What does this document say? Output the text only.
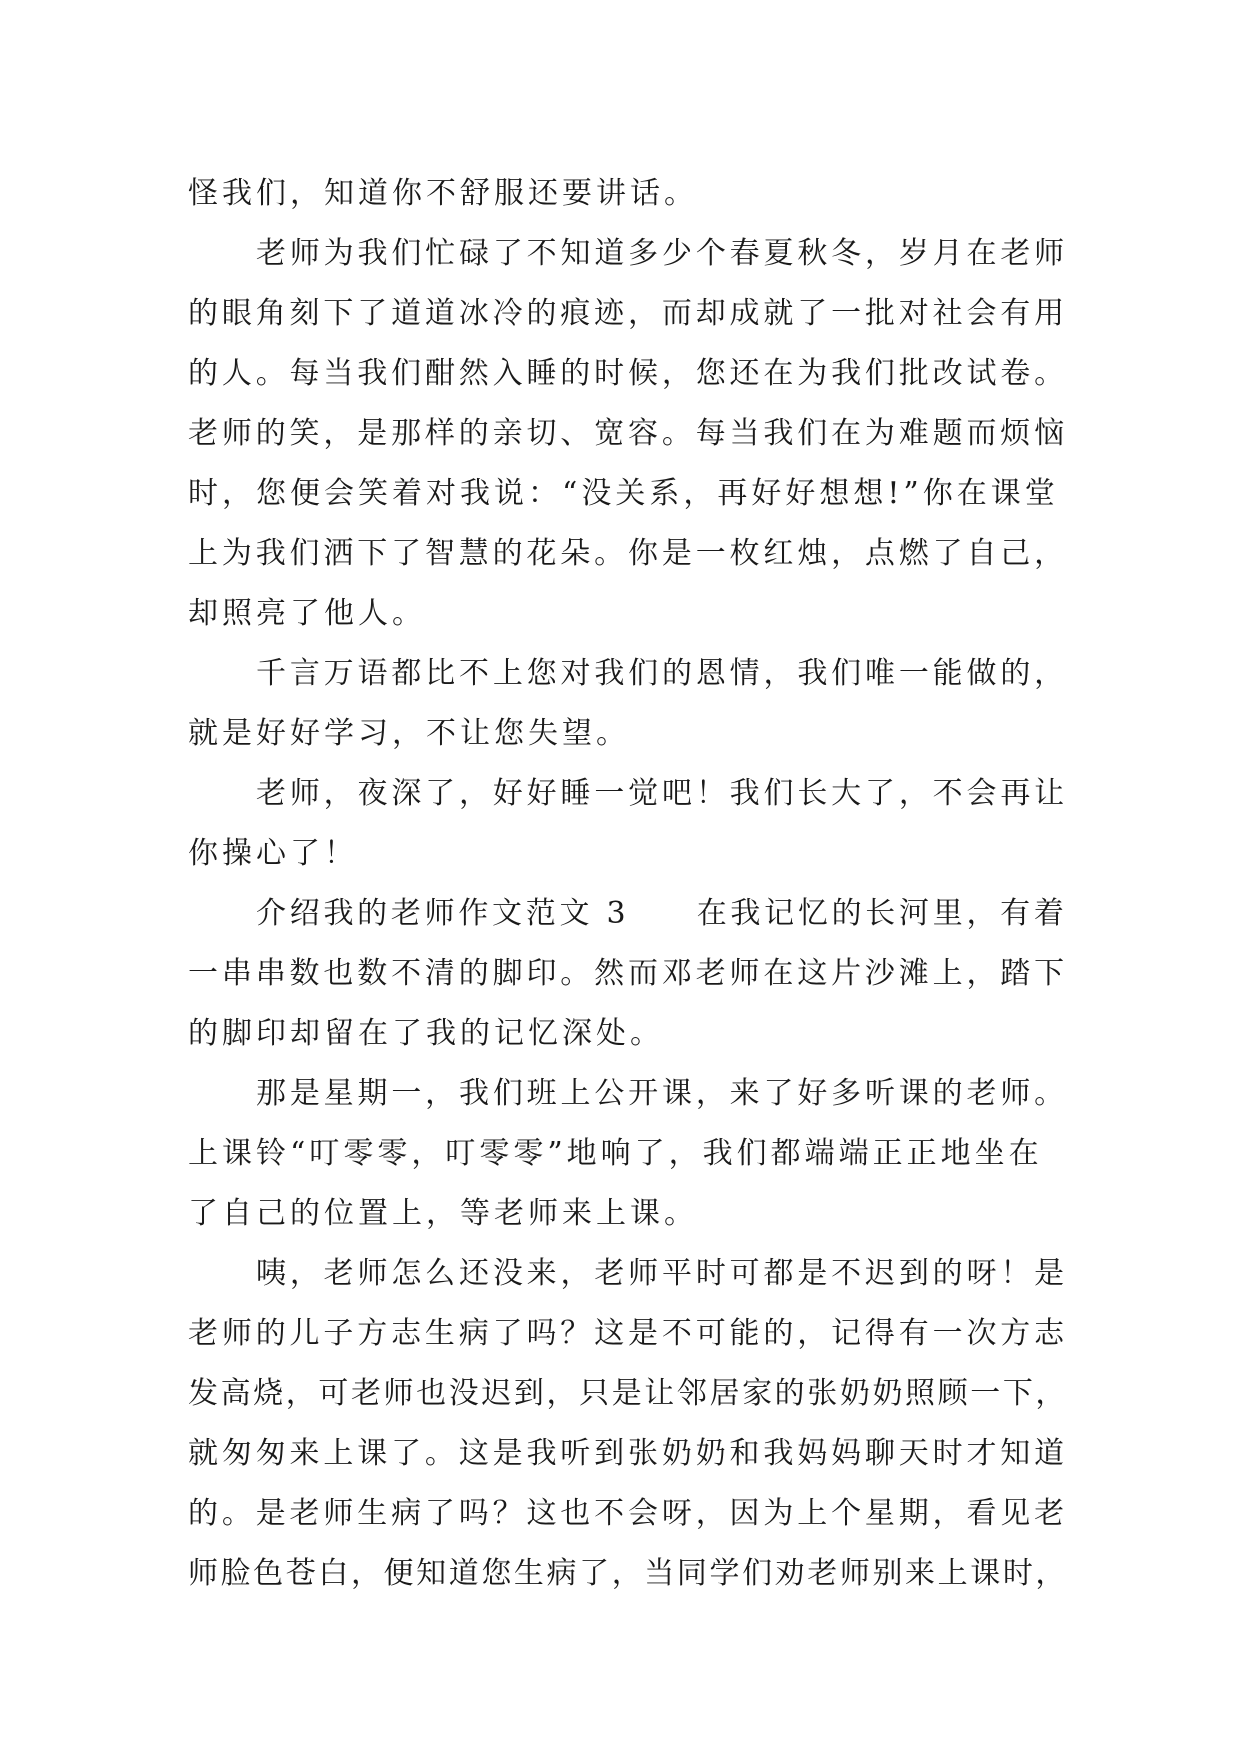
怪我们，知道你不舒服还要讲话。
老师为我们忙碌了不知道多少个春夏秋冬，岁月在老师
的眼角刻下了道道冰冷的痕迹，而却成就了一批对社会有用
的人。每当我们酣然入睡的时候，您还在为我们批改试卷。
老师的笑，是那样的亲切、宽容。每当我们在为难题而烦恼
时，您便会笑着对我说：“没关系，再好好想想!”你在课堂
上为我们洒下了智慧的花朵。你是一枚红烛，点燃了自己，
却照亮了他人。
千言万语都比不上您对我们的恩情，我们唯一能做的，
就是好好学习，不让您失望。
老师，夜深了，好好睡一觉吧！我们长大了，不会再让
你操心了！
介绍我的老师作文范文 3　　在我记忆的长河里，有着
一串串数也数不清的脚印。然而邓老师在这片沙滩上，踏下
的脚印却留在了我的记忆深处。
那是星期一，我们班上公开课，来了好多听课的老师。
上课铃“叮零零，叮零零”地响了，我们都端端正正地坐在
了自己的位置上，等老师来上课。
咦，老师怎么还没来，老师平时可都是不迟到的呀！是
老师的儿子方志生病了吗？这是不可能的，记得有一次方志
发高烧，可老师也没迟到，只是让邻居家的张奶奶照顾一下，
就匆匆来上课了。这是我听到张奶奶和我妈妈聊天时才知道
的。是老师生病了吗？这也不会呀，因为上个星期，看见老
师脸色苍白，便知道您生病了，当同学们劝老师别来上课时，
